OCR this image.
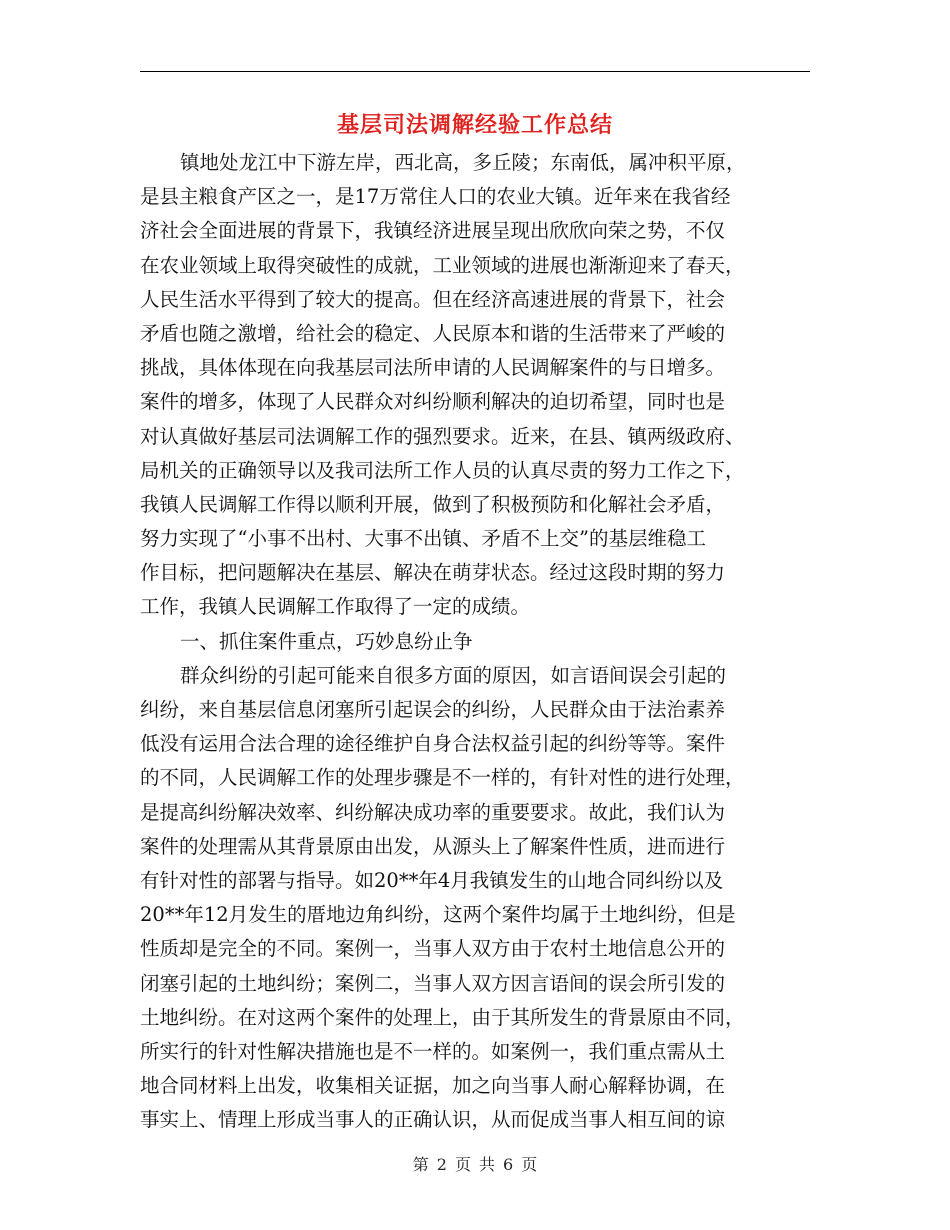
基层司法调解经验工作总结
镇地处龙江中下游左岸，西北高，多丘陵；东南低，属冲积平原，
是县主粮食产区之一，是17万常住人口的农业大镇。近年来在我省经
济社会全面进展的背景下，我镇经济进展呈现出欣欣向荣之势，不仅
在农业领域上取得突破性的成就，工业领域的进展也渐渐迎来了春天，
人民生活水平得到了较大的提高。但在经济高速进展的背景下，社会
矛盾也随之激增，给社会的稳定、人民原本和谐的生活带来了严峻的
挑战，具体体现在向我基层司法所申请的人民调解案件的与日增多。
案件的增多，体现了人民群众对纠纷顺利解决的迫切希望，同时也是
对认真做好基层司法调解工作的强烈要求。近来，在县、镇两级政府、
局机关的正确领导以及我司法所工作人员的认真尽责的努力工作之下，
我镇人民调解工作得以顺利开展，做到了积极预防和化解社会矛盾，
努力实现了“小事不出村、大事不出镇、矛盾不上交”的基层维稳工
作目标，把问题解决在基层、解决在萌芽状态。经过这段时期的努力
工作，我镇人民调解工作取得了一定的成绩。
一、抓住案件重点，巧妙息纷止争
群众纠纷的引起可能来自很多方面的原因，如言语间误会引起的
纠纷，来自基层信息闭塞所引起误会的纠纷，人民群众由于法治素养
低没有运用合法合理的途径维护自身合法权益引起的纠纷等等。案件
的不同，人民调解工作的处理步骤是不一样的，有针对性的进行处理，
是提高纠纷解决效率、纠纷解决成功率的重要要求。故此，我们认为
案件的处理需从其背景原由出发，从源头上了解案件性质，进而进行
有针对性的部署与指导。如20**年4月我镇发生的山地合同纠纷以及
20**年12月发生的厝地边角纠纷，这两个案件均属于土地纠纷，但是
性质却是完全的不同。案例一，当事人双方由于农村土地信息公开的
闭塞引起的土地纠纷；案例二，当事人双方因言语间的误会所引发的
土地纠纷。在对这两个案件的处理上，由于其所发生的背景原由不同，
所实行的针对性解决措施也是不一样的。如案例一，我们重点需从土
地合同材料上出发，收集相关证据，加之向当事人耐心解释协调，在
事实上、情理上形成当事人的正确认识，从而促成当事人相互间的谅
第 2 页 共 6 页
